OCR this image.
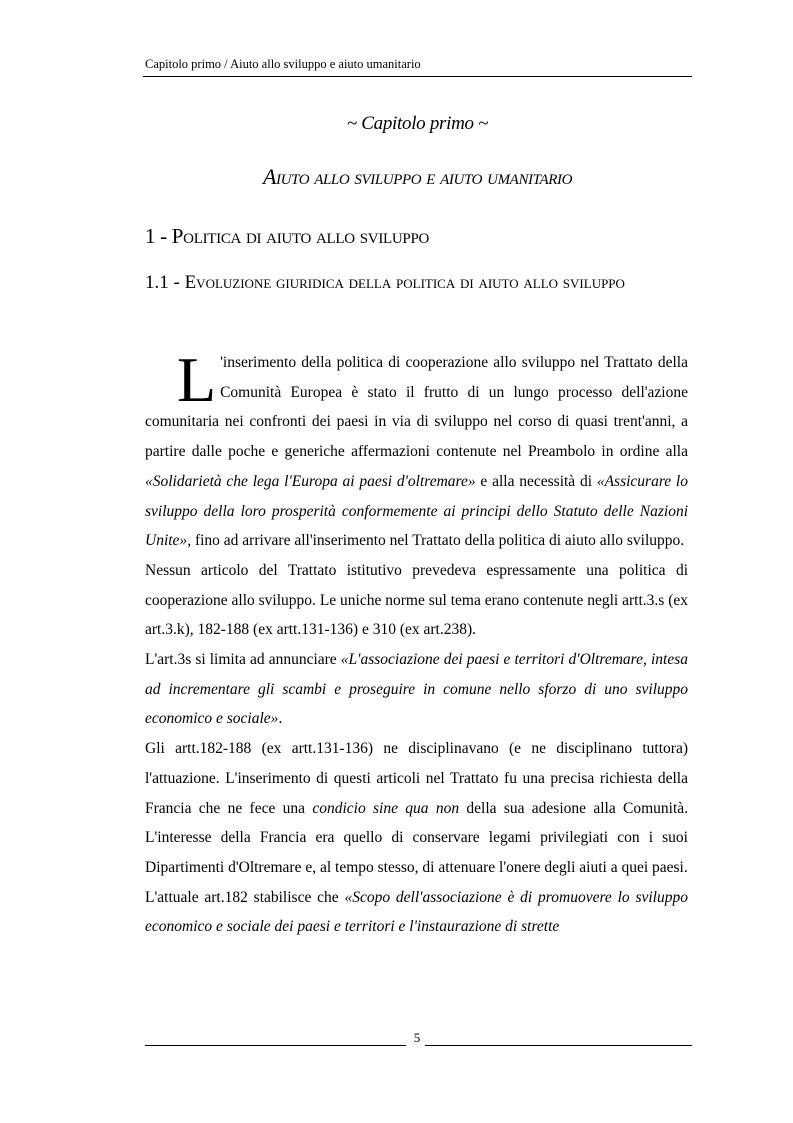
Capitolo primo / Aiuto allo sviluppo e aiuto umanitario
~ Capitolo primo ~
Aiuto allo sviluppo e aiuto umanitario
1 - Politica di aiuto allo sviluppo
1.1 - Evoluzione giuridica della politica di aiuto allo sviluppo

L 'inserimento della politica di cooperazione allo sviluppo nel Trattato della Comunità Europea è stato il frutto di un lungo processo dell'azione comunitaria nei confronti dei paesi in via di sviluppo nel corso di quasi trent'anni, a partire dalle poche e generiche affermazioni contenute nel Preambolo in ordine alla «Solidarietà che lega l'Europa ai paesi d'oltremare» e alla necessità di «Assicurare lo sviluppo della loro prosperità conformemente ai principi dello Statuto delle Nazioni Unite», fino ad arrivare all'inserimento nel Trattato della politica di aiuto allo sviluppo.

Nessun articolo del Trattato istitutivo prevedeva espressamente una politica di cooperazione allo sviluppo. Le uniche norme sul tema erano contenute negli artt.3.s (ex art.3.k), 182-188 (ex artt.131-136) e 310 (ex art.238).

L'art.3s si limita ad annunciare «L'associazione dei paesi e territori d'Oltremare, intesa ad incrementare gli scambi e proseguire in comune nello sforzo di uno sviluppo economico e sociale».

Gli artt.182-188 (ex artt.131-136) ne disciplinavano (e ne disciplinano tuttora) l'attuazione. L'inserimento di questi articoli nel Trattato fu una precisa richiesta della Francia che ne fece una condicio sine qua non della sua adesione alla Comunità. L'interesse della Francia era quello di conservare legami privilegiati con i suoi Dipartimenti d'Oltremare e, al tempo stesso, di attenuare l'onere degli aiuti a quei paesi.

L'attuale art.182 stabilisce che «Scopo dell'associazione è di promuovere lo sviluppo economico e sociale dei paesi e territori e l'instaurazione di strette

5
